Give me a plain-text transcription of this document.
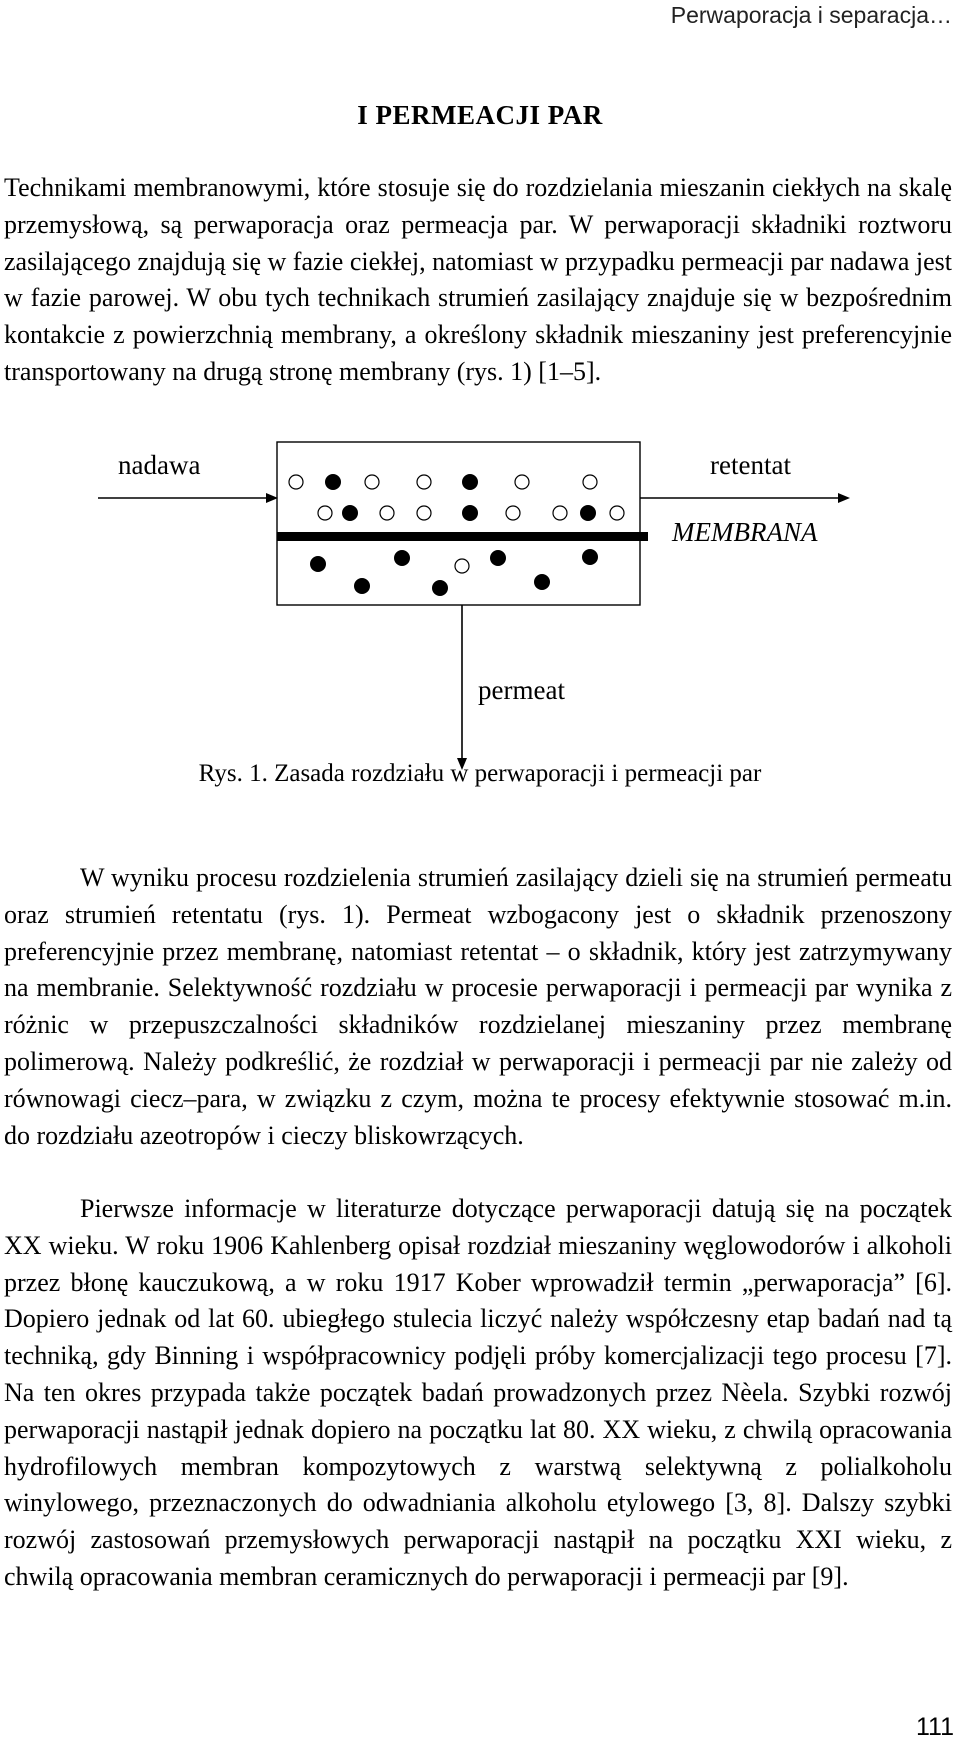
Perwaporacja i separacja…
I PERMEACJI PAR

Technikami membranowymi, które stosuje się do rozdzielania mieszanin ciekłych na skalę przemysłową, są perwaporacja oraz permeacja par. W perwaporacji składniki roztworu zasilającego znajdują się w fazie ciekłej, natomiast w przypadku permeacji par nadawa jest w fazie parowej. W obu tych technikach strumień zasilający znajduje się w bezpośrednim kontakcie z powierzchnią membrany, a określony składnik mieszaniny jest preferencyjnie transportowany na drugą stronę membrany (rys. 1) [1–5].

nadawa	retentat
MEMBRANA
permeat
Rys. 1. Zasada rozdziału w perwaporacji i permeacji par

W wyniku procesu rozdzielenia strumień zasilający dzieli się na strumień permeatu oraz strumień retentatu (rys. 1). Permeat wzbogacony jest o składnik przenoszony preferencyjnie przez membranę, natomiast retentat – o składnik, który jest zatrzymywany na membranie. Selektywność rozdziału w procesie perwaporacji i permeacji par wynika z różnic w przepuszczalności składników rozdzielanej mieszaniny przez membranę polimerową. Należy podkreślić, że rozdział w perwaporacji i permeacji par nie zależy od równowagi ciecz–para, w związku z czym, można te procesy efektywnie stosować m.in. do rozdziału azeotropów i cieczy bliskowrzących.

Pierwsze informacje w literaturze dotyczące perwaporacji datują się na początek XX wieku. W roku 1906 Kahlenberg opisał rozdział mieszaniny węglowodorów i alkoholi przez błonę kauczukową, a w roku 1917 Kober wprowadził termin „perwaporacja” [6]. Dopiero jednak od lat 60. ubiegłego stulecia liczyć należy współczesny etap badań nad tą techniką, gdy Binning i współpracownicy podjęli próby komercjalizacji tego procesu [7]. Na ten okres przypada także początek badań prowadzonych przez Nèela. Szybki rozwój perwaporacji nastąpił jednak dopiero na początku lat 80. XX wieku, z chwilą opracowania hydrofilowych membran kompozytowych z warstwą selektywną z polialkoholu winylowego, przeznaczonych do odwadniania alkoholu etylowego [3, 8]. Dalszy szybki rozwój zastosowań przemysłowych perwaporacji nastąpił na początku XXI wieku, z chwilą opracowania membran ceramicznych do perwaporacji i permeacji par [9].

111
